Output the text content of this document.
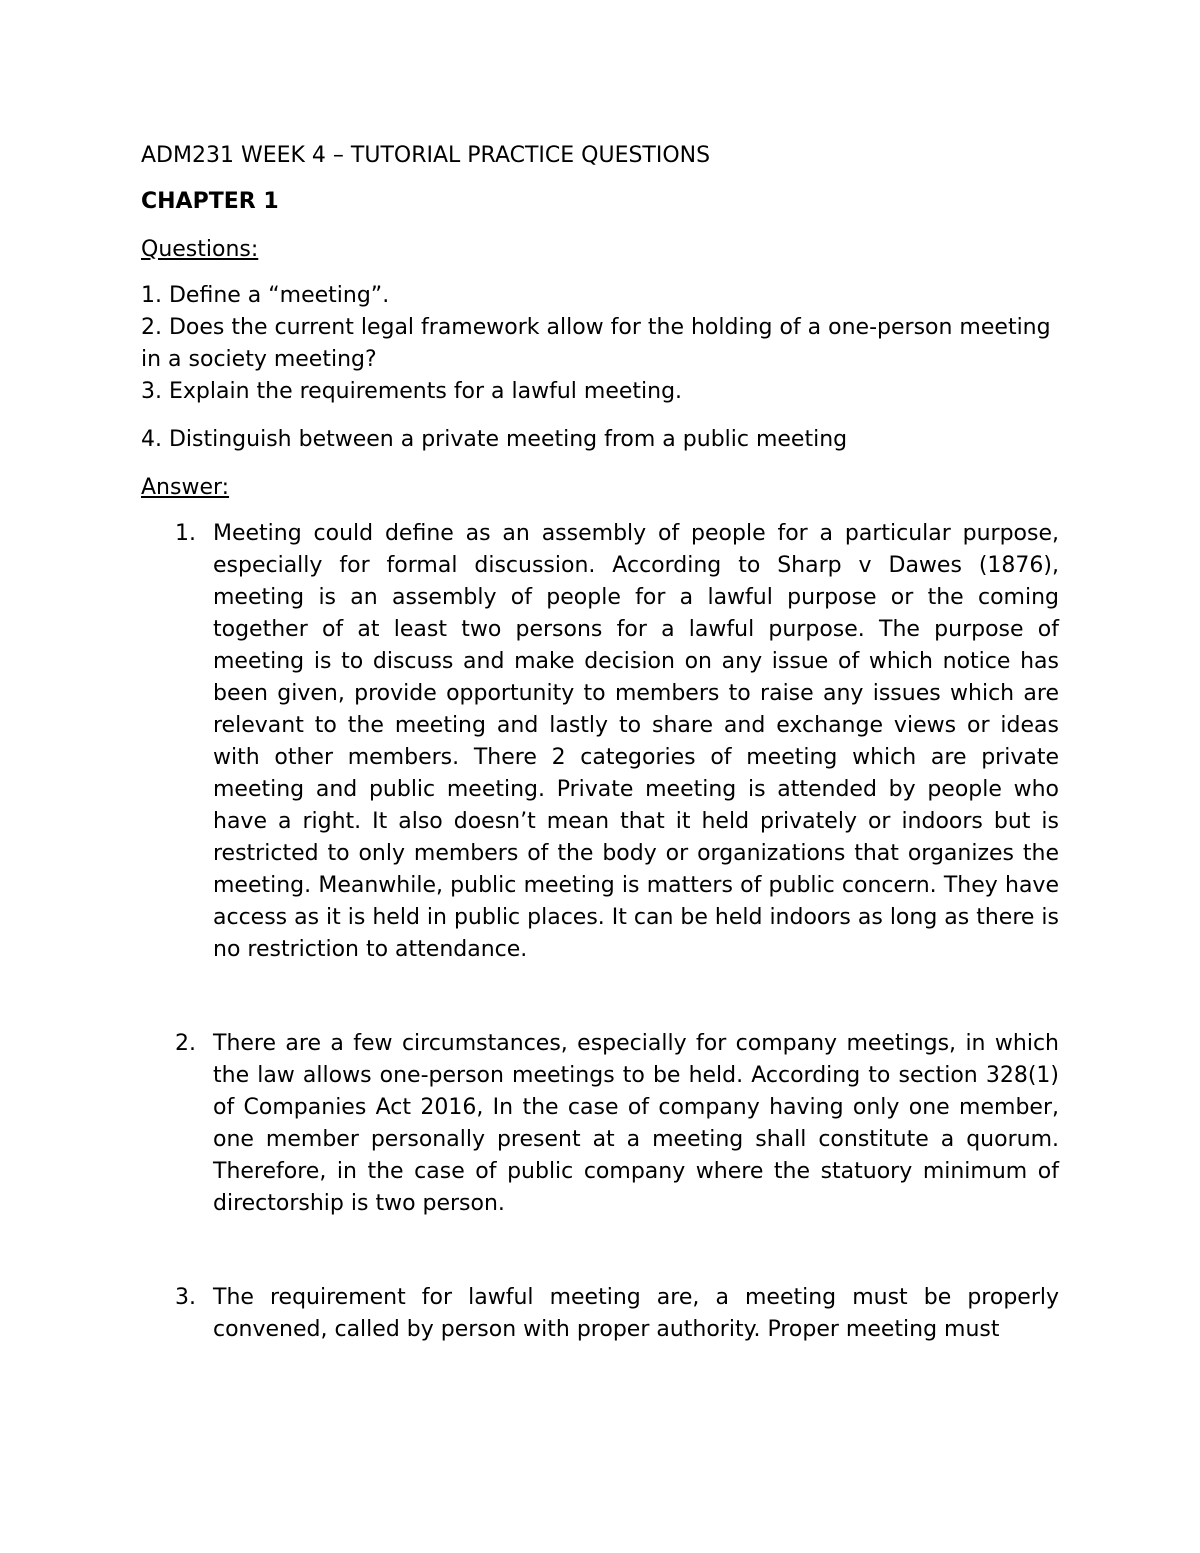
ADM231 WEEK 4 – TUTORIAL PRACTICE QUESTIONS
CHAPTER 1
Questions:
1. Define a “meeting”.
2. Does the current legal framework allow for the holding of a one-person meeting in a society meeting?
3. Explain the requirements for a lawful meeting.
4. Distinguish between a private meeting from a public meeting
Answer:
1. Meeting could define as an assembly of people for a particular purpose, especially for formal discussion. According to Sharp v Dawes (1876), meeting is an assembly of people for a lawful purpose or the coming together of at least two persons for a lawful purpose. The purpose of meeting is to discuss and make decision on any issue of which notice has been given, provide opportunity to members to raise any issues which are relevant to the meeting and lastly to share and exchange views or ideas with other members. There 2 categories of meeting which are private meeting and public meeting. Private meeting is attended by people who have a right. It also doesn’t mean that it held privately or indoors but is restricted to only members of the body or organizations that organizes the meeting. Meanwhile, public meeting is matters of public concern. They have access as it is held in public places. It can be held indoors as long as there is no restriction to attendance.
2. There are a few circumstances, especially for company meetings, in which the law allows one-person meetings to be held. According to section 328(1) of Companies Act 2016, In the case of company having only one member, one member personally present at a meeting shall constitute a quorum. Therefore, in the case of public company where the statuory minimum of directorship is two person.
3. The requirement for lawful meeting are, a meeting must be properly convened, called by person with proper authority. Proper meeting must
